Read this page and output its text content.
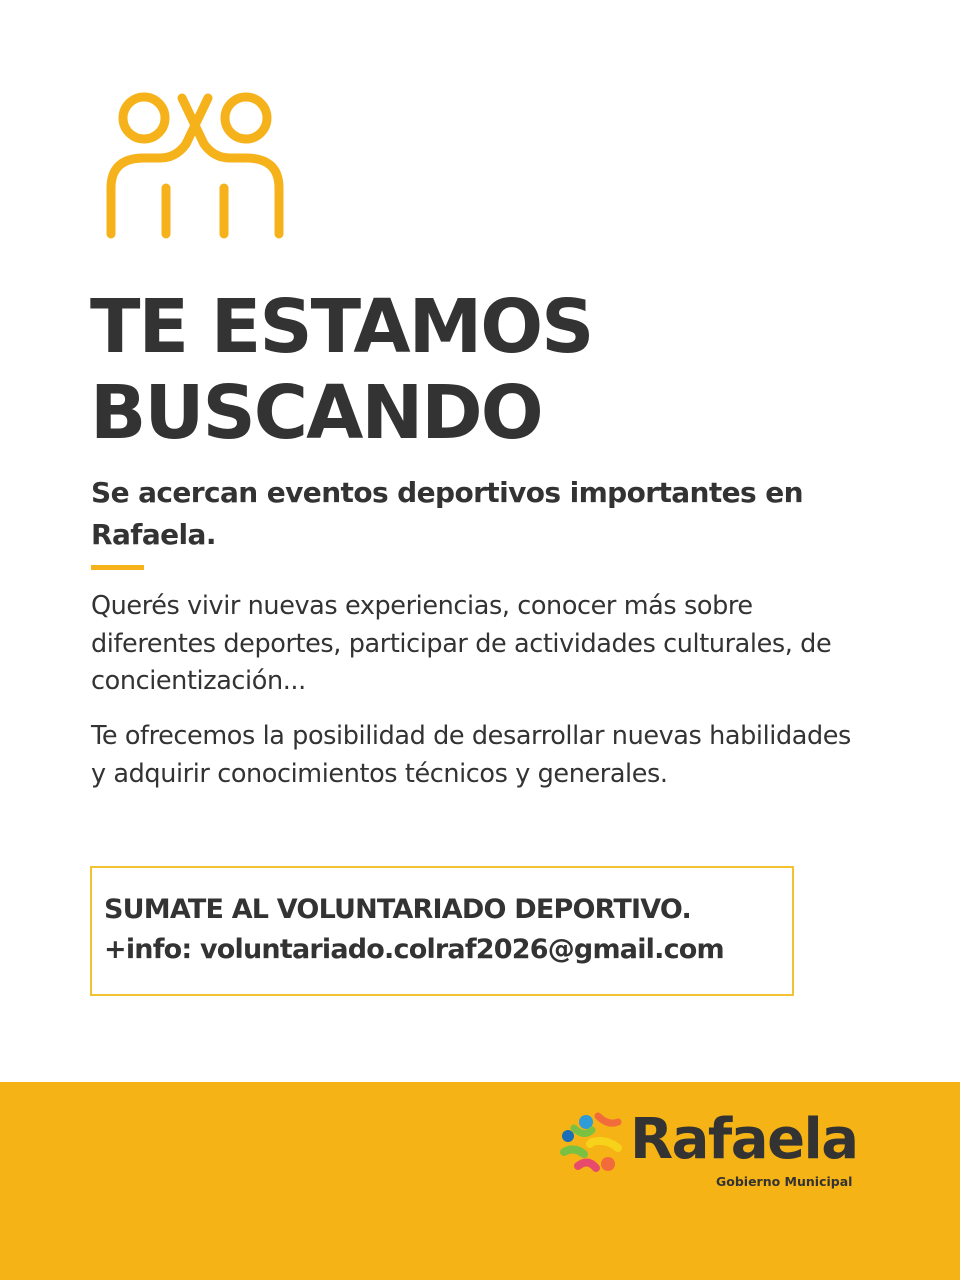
TE ESTAMOS
BUSCANDO

Se acercan eventos deportivos importantes en Rafaela.

Querés vivir nuevas experiencias, conocer más sobre diferentes deportes, participar de actividades culturales, de concientización...

Te ofrecemos la posibilidad de desarrollar nuevas habilidades y adquirir conocimientos técnicos y generales.

SUMATE AL VOLUNTARIADO DEPORTIVO.
+info: voluntariado.colraf2026@gmail.com

Rafaela
Gobierno Municipal
